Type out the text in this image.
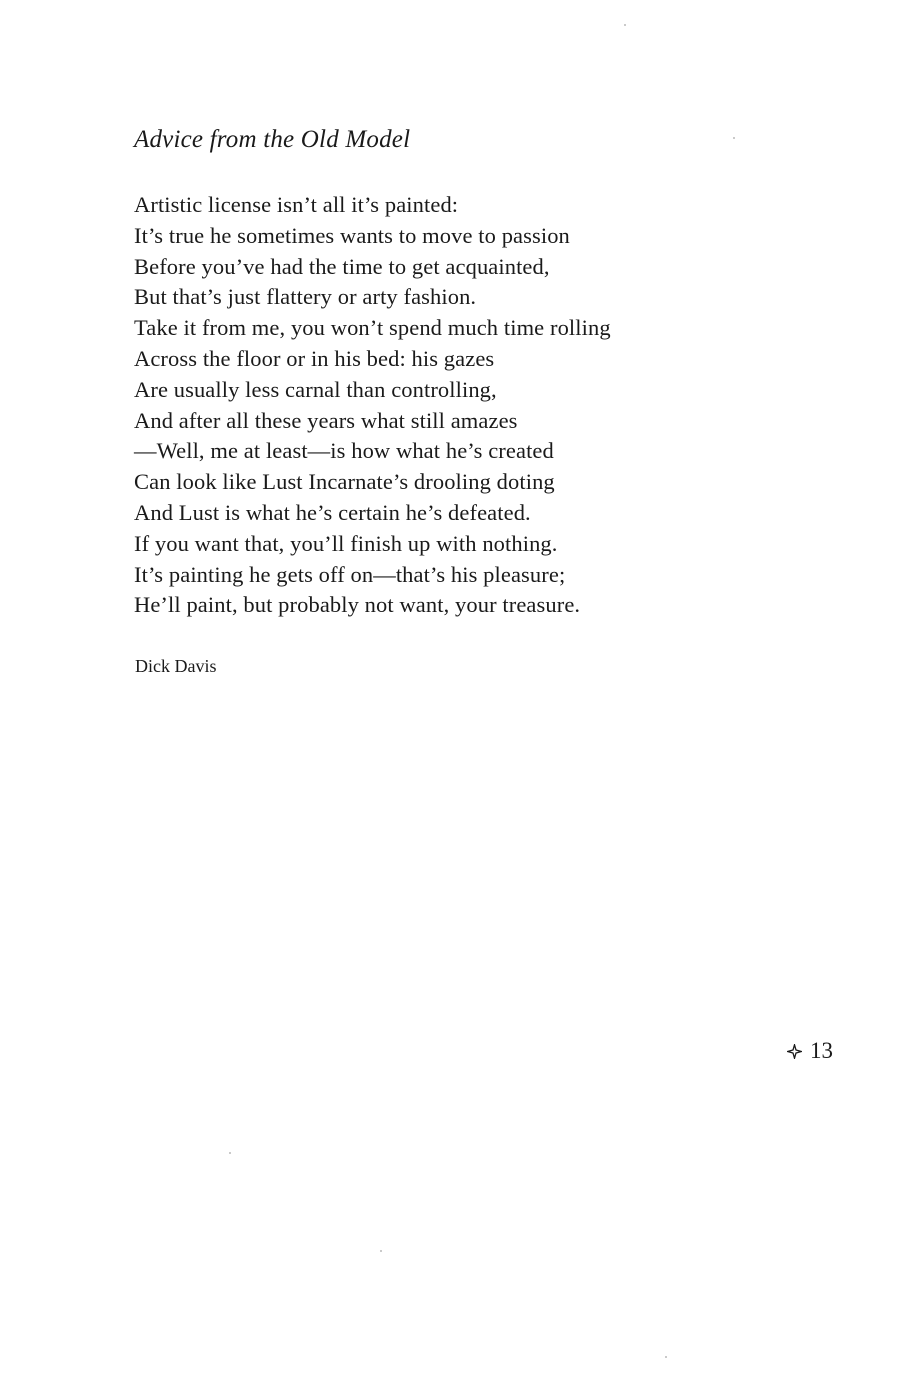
Advice from the Old Model
Artistic license isn’t all it’s painted:
It’s true he sometimes wants to move to passion
Before you’ve had the time to get acquainted,
But that’s just flattery or arty fashion.
Take it from me, you won’t spend much time rolling
Across the floor or in his bed: his gazes
Are usually less carnal than controlling,
And after all these years what still amazes
—Well, me at least—is how what he’s created
Can look like Lust Incarnate’s drooling doting
And Lust is what he’s certain he’s defeated.
If you want that, you’ll finish up with nothing.
It’s painting he gets off on—that’s his pleasure;
He’ll paint, but probably not want, your treasure.
Dick Davis
13
